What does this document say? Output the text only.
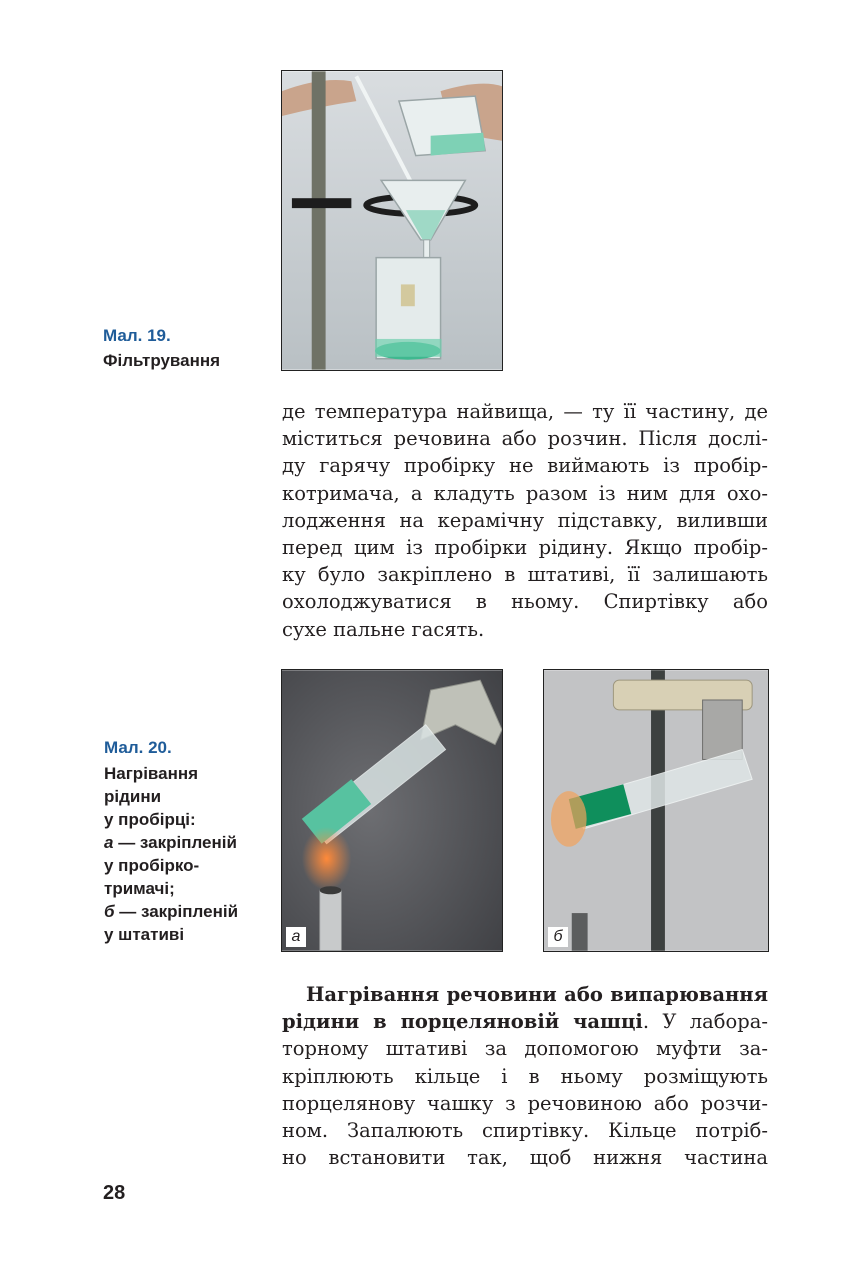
Мал. 19.
Фільтрування
де температура найвища, — ту її частину, де
міститься речовина або розчин. Після дослі-
ду гарячу пробірку не виймають із пробір-
котримача, а кладуть разом із ним для охо-
лодження на керамічну підставку, виливши
перед цим із пробірки рідину. Якщо пробір-
ку було закріплено в штативі, її залишають
охолоджуватися в ньому. Спиртівку або
сухе пальне гасять.
а	б
Мал. 20.
Нагрівання
рідини
у пробірці:
а — закріпленій
у пробірко-
тримачі;
б — закріпленій
у штативі
Нагрівання речовини або випарювання
рідини в порцеляновій чашці. У лабора-
торному штативі за допомогою муфти за-
кріплюють кільце і в ньому розміщують
порцелянову чашку з речовиною або розчи-
ном. Запалюють спиртівку. Кільце потріб-
но встановити так, щоб нижня частина
28
